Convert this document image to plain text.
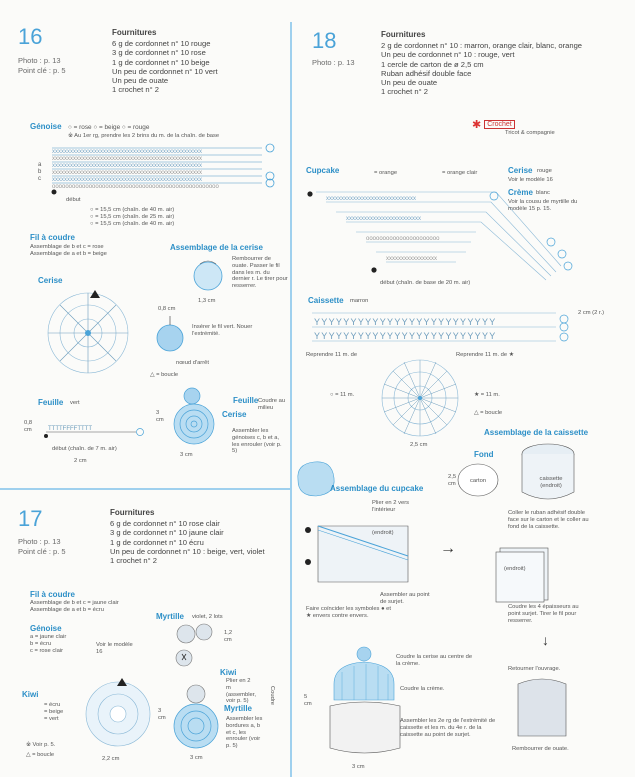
16
Photo : p. 13
Point clé : p. 5
Fournitures
6 g de cordonnet n° 10 rouge
3 g de cordonnet n° 10 rose
1 g de cordonnet n° 10 beige
Un peu de cordonnet n° 10 vert
Un peu de ouate
1 crochet n° 2
Génoise ○ = rose ○ = beige ○ = rouge
※ Au 1er rg, prendre les 2 brins du m. de la chaîn. de base
xxxxxxxxxxxxxxxxxxxxxxxxxxxxxxxxxxxxxxxxxxxxxxxxxx
xxxxxxxxxxxxxxxxxxxxxxxxxxxxxxxxxxxxxxxxxxxxxxxxxx
xxxxxxxxxxxxxxxxxxxxxxxxxxxxxxxxxxxxxxxxxxxxxxxxxx
xxxxxxxxxxxxxxxxxxxxxxxxxxxxxxxxxxxxxxxxxxxxxxxxxx
xxxxxxxxxxxxxxxxxxxxxxxxxxxxxxxxxxxxxxxxxxxxxxxxxx
oooooooooooooooooooooooooooooooooooooooooooooooooo
a
b
c
début
○ = 15,5 cm (chaîn. de 40 m. air)
○ = 15,5 cm (chaîn. de 25 m. air)
○ = 15,5 cm (chaîn. de 40 m. air)
Fil à coudre
Assemblage de b et c = rose
Assemblage de a et b = beige
Cerise
Assemblage de la cerise
Rembourrer de ouate. Passer le fil dans les m. du dernier r. Le tirer pour resserrer.
1,3 cm
0,8 cm
Insérer le fil vert. Nouer l'extrémité.
nœud d'arrêt
△ = boucle
Feuille vert
0,8 cm	TTTTFFFFTTTT
début (chaîn. de 7 m. air)
2 cm
Feuille
Cerise
Coudre au milieu
3 cm
3 cm
Assembler les génoises c, b et a, les enrouler (voir p. 5)
17
Photo : p. 13
Point clé : p. 5
Fournitures
6 g de cordonnet n° 10 rose clair
3 g de cordonnet n° 10 jaune clair
1 g de cordonnet n° 10 écru
Un peu de cordonnet n° 10 : beige, vert, violet
1 crochet n° 2
Fil à coudre
Assemblage de b et c = jaune clair
Assemblage de a et b = écru
Génoise
a = jaune clair
b = écru
c = rose clair
Voir le modèle 16
Myrtille violet, 2 lots
1,2 cm
Kiwi
= écru
= beige
= vert
※ Voir p. 5.
△ = boucle
2,2 cm
Kiwi
Plier en 2 m (assembler, voir p. 5)
Myrtille
Assembler les bordures a, b et c, les enrouler (voir p. 5)
3 cm
3 cm
Coudre
18
Photo : p. 13
Fournitures
2 g de cordonnet n° 10 : marron, orange clair, blanc, orange
Un peu de cordonnet n° 10 : rouge, vert
1 cercle de carton de ø 2,5 cm
Ruban adhésif double face
Un peu de ouate
1 crochet n° 2
✱ Crochet
Tricot & compagnie
Cupcake	= orange	= orange clair
xxxxxxxxxxxxxxxxxxxxxxxxxxxxxx
xxxxxxxxxxxxxxxxxxxxxxxxx
oooooooooooooooooooooo
xxxxxxxxxxxxxxxxx
Cerise rouge
Voir le modèle 16
Crème blanc
Voir la cousu de myrtille du modèle 15 p. 15.
début (chaîn. de base de 20 m. air)
Caissette marron
YYYYYYYYYYYYYYYYYYYYYYYYY
YYYYYYYYYYYYYYYYYYYYYYYYY
2 cm (2 r.)
Reprendre 11 m. de	Reprendre 11 m. de ★
○ = 11 m.	★ = 11 m.
△ = boucle
2,5 cm
Assemblage de la caissette
Fond
carton
2,5 cm
caissette (endroit)
Coller le ruban adhésif double face sur le carton et le coller au fond de la caissette.
(endroit)
Coudre les 4 épaisseurs au point surjet. Tirer le fil pour resserrer.
↓
Retourner l'ouvrage.
Rembourrer de ouate.
Assemblage du cupcake
Plier en 2 vers l'intérieur
(endroit)
→
Assembler au point de surjet.
Faire coïncider les symboles ● et ★ envers contre envers.
Coudre la cerise au centre de la crème.
Coudre la crème.
Assembler les 2e rg de l'extrémité de caissette et les m. du 4e r. de la caissette au point de surjet.
5 cm
3 cm
